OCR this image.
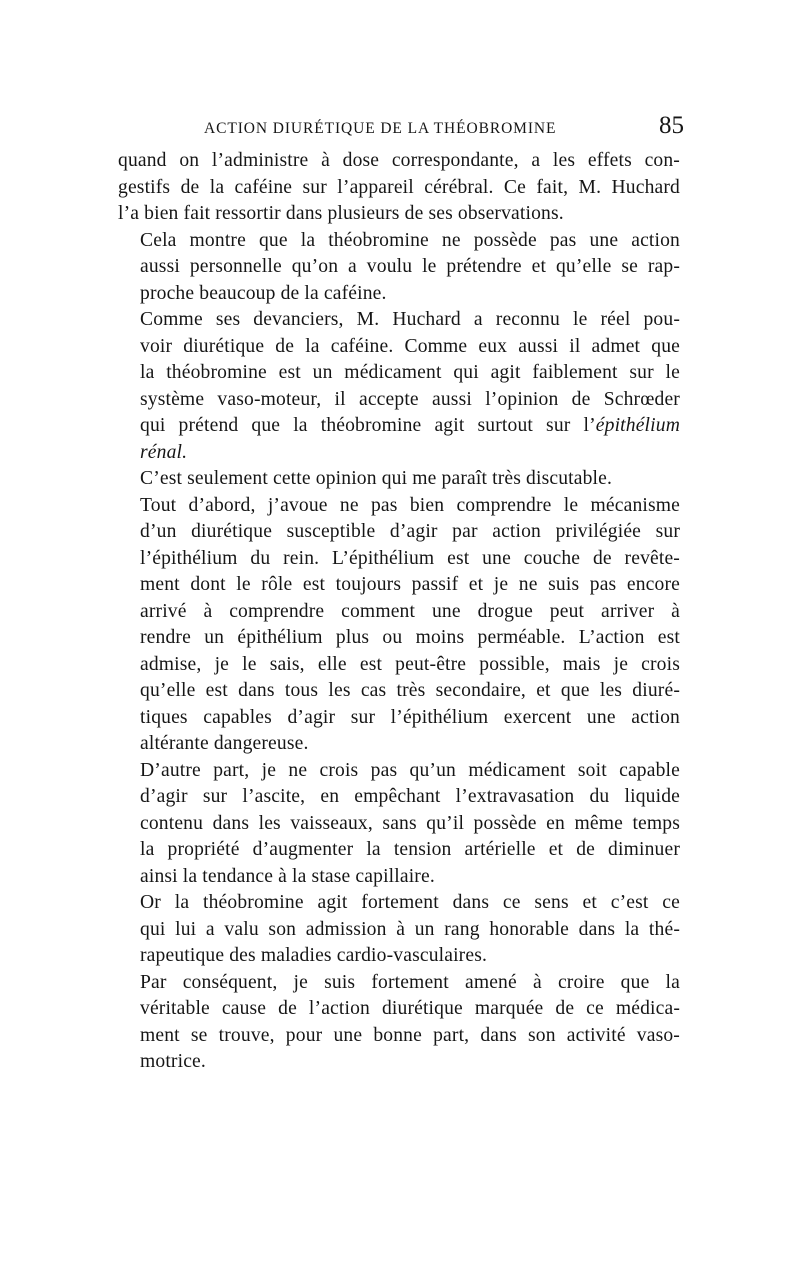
ACTION DIURÉTIQUE DE LA THÉOBROMINE	85

quand on l’administre à dose correspondante, a les effets con-
gestifs de la caféine sur l’appareil cérébral. Ce fait, M. Huchard
l’a bien fait ressortir dans plusieurs de ses observations.

Cela montre que la théobromine ne possède pas une action
aussi personnelle qu’on a voulu le prétendre et qu’elle se rap-
proche beaucoup de la caféine.

Comme ses devanciers, M. Huchard a reconnu le réel pou-
voir diurétique de la caféine. Comme eux aussi il admet que
la théobromine est un médicament qui agit faiblement sur le
système vaso-moteur, il accepte aussi l’opinion de Schrœder
qui prétend que la théobromine agit surtout sur l’épithélium
rénal.

C’est seulement cette opinion qui me paraît très discutable.

Tout d’abord, j’avoue ne pas bien comprendre le mécanisme
d’un diurétique susceptible d’agir par action privilégiée sur
l’épithélium du rein. L’épithélium est une couche de revête-
ment dont le rôle est toujours passif et je ne suis pas encore
arrivé à comprendre comment une drogue peut arriver à
rendre un épithélium plus ou moins perméable. L’action est
admise, je le sais, elle est peut-être possible, mais je crois
qu’elle est dans tous les cas très secondaire, et que les diuré-
tiques capables d’agir sur l’épithélium exercent une action
altérante dangereuse.

D’autre part, je ne crois pas qu’un médicament soit capable
d’agir sur l’ascite, en empêchant l’extravasation du liquide
contenu dans les vaisseaux, sans qu’il possède en même temps
la propriété d’augmenter la tension artérielle et de diminuer
ainsi la tendance à la stase capillaire.

Or la théobromine agit fortement dans ce sens et c’est ce
qui lui a valu son admission à un rang honorable dans la thé-
rapeutique des maladies cardio-vasculaires.

Par conséquent, je suis fortement amené à croire que la
véritable cause de l’action diurétique marquée de ce médica-
ment se trouve, pour une bonne part, dans son activité vaso-
motrice.
